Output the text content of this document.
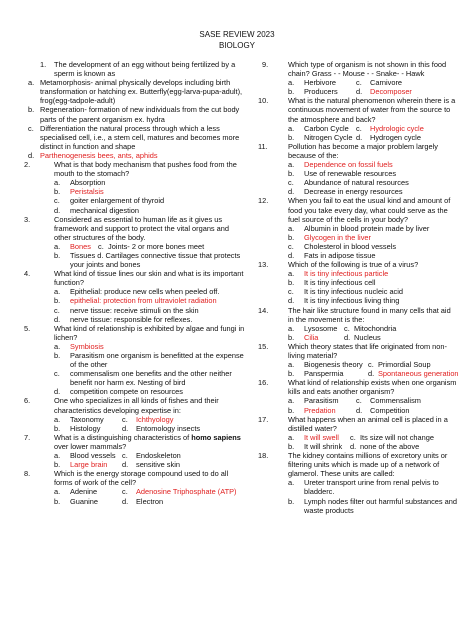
SASE REVIEW 2023
BIOLOGY
1. The development of an egg without being fertilized by a sperm is known as
a. Metamorphosis- animal physically develops including birth transformation or hatching ex. Butterfly(egg-larva-pupa-adult), frog(egg-tadpole-adult)
b. Regeneration- formation of new individuals from the cut body parts of the parent organism ex. hydra
c. Differentiation the natural process through which a less specialised cell, i.e., a stem cell, matures and becomes more distinct in function and shape
d. Parthenogenesis bees, ants, aphids
2.	What is that body mechanism that pushes food from the mouth to the stomach?
a. Absorption
b. Peristalsis
c. goiter enlargement of thyroid
d. mechanical digestion
3.	Considered as essential to human life as it gives us framework and support to protect the vital organs and other structures of the body.
a. Bones c. Joints- 2 or more bones meet
b. Tissues d. Cartilages connective tissue that protects your joints and bones
4.	What kind of tissue lines our skin and what is its important function?
a. Epithelial: produce new cells when peeled off.
b. epithelial: protection from ultraviolet radiation
c. nerve tissue: receive stimuli on the skin
d. nerve tissue: responsible for reflexes.
5.	What kind of relationship is exhibited by algae and fungi in lichen?
a. Symbiosis
b. Parasitism one organism is benefitted at the expense of the other
c. commensalism one benefits and the other neither benefit nor harm ex. Nesting of bird
d. competition compete on resources
6.	One who specializes in all kinds of fishes and their characteristics developing expertise in:
a. Taxonomy c. Ichthyology
b. Histology	d. Entomology insects
7.	What is a distinguishing characteristics of homo sapiens over lower mammals?
a. Blood vessels c. Endoskeleton
b. Large brain d. sensitive skin
8.	Which is the energy storage compound used to do all forms of work of the cell?
a. Adenine	c. Adenosine Triphosphate (ATP)
b. Guanine	d. Electron
9.	Which type of organism is not shown in this food chain? Grass - - Mouse - - Snake- - Hawk
a. Herbivore	c. Carnivore
b. Producers d. Decomposer
10.	What is the natural phenomenon wherein there is a continuous movement of water from the source to the atmosphere and back?
a. Carbon Cycle c. Hydrologic cycle
b. Nitrogen Cycle d. Hydrogen cycle
11.	Pollution has become a major problem largely because of the:
a. Dependence on fossil fuels
b. Use of renewable resources
c. Abundance of natural resources
d. Decrease in energy resources
12.	When you fail to eat the usual kind and amount of food you take every day, what could serve as the fuel source of the cells in your body?
a. Albumin in blood protein made by liver
b. Glycogen in the liver
c. Cholesterol in blood vessels
d. Fats in adipose tissue
13.	Which of the following is true of a virus?
a. It is tiny infectious particle
b. It is tiny infectious cell
c. It is tiny infectious nucleic acid
d. It is tiny infectious living thing
14.	The hair like structure found in many cells that aid in the movement is the:
a. Lysosome c. Mitochondria
b. Cilia	d. Nucleus
15.	Which theory states that life originated from non-living material?
a. Biogenesis theory c. Primordial Soup
b. Panspermia	d. Spontaneous generation
16.	What kind of relationship exists when one organism kills and eats another organism?
a. Parasitism c. Commensalism
b. Predation	d. Competition
17.	What happens when an animal cell is placed in a distilled water?
a. It will swell c. Its size will not change
b. It will shrink d. none of the above
18.	The kidney contains millions of excretory units or filtering units which is made up of a network of glamerol. These units are called:
a. Ureter transport urine from renal pelvis to bladderc.
b. Lymph nodes filter out harmful substances and waste products
